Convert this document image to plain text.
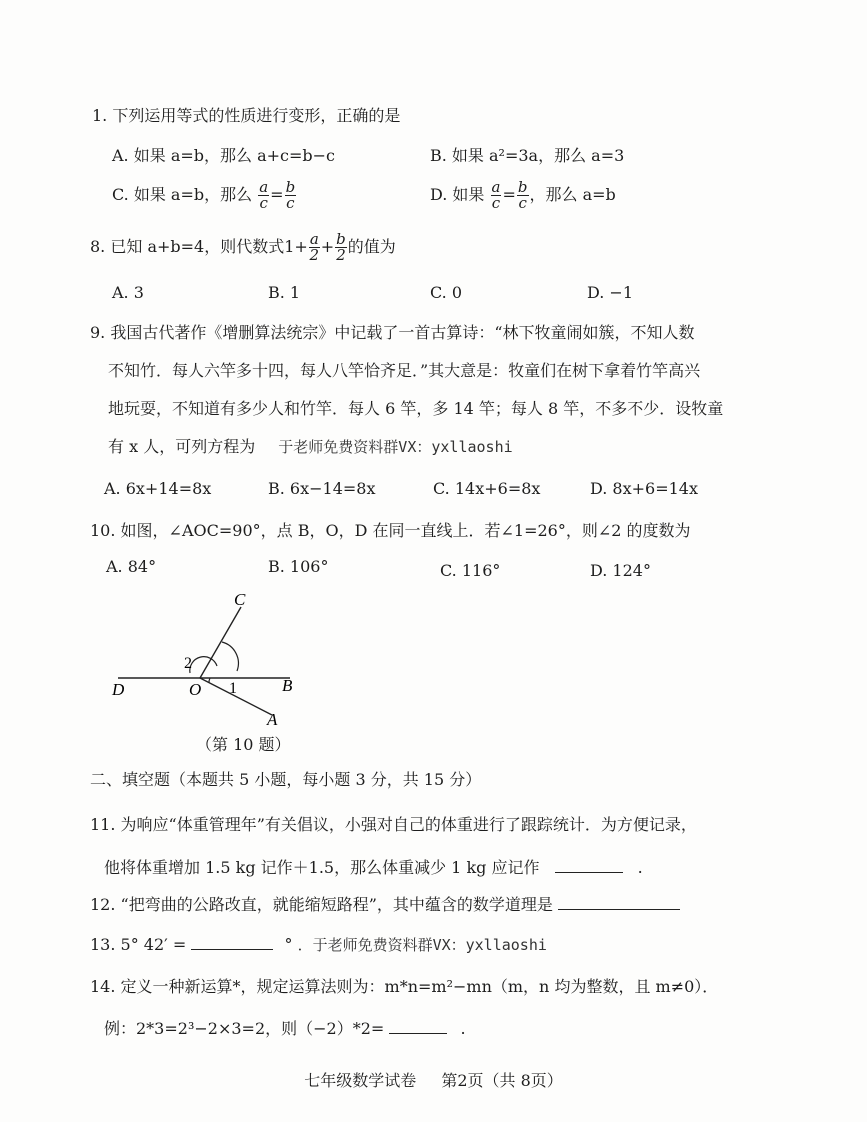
1. 下列运用等式的性质进行变形，正确的是
A. 如果 a=b，那么 a+c=b−c	B. 如果 a²=3a，那么 a=3
C. 如果 a=b，那么 $\frac{a}{c} = \frac{b}{c}$	D. 如果 $\frac{a}{c} = \frac{b}{c}$ ，那么 a=b
8. 已知 a+b=4，则代数式$1+ \frac{a}{2} + \frac{b}{2}$ 的值为
A. 3	B. 1	C. 0	D. −1
9. 我国古代著作《增删算法统宗》中记载了一首古算诗：“林下牧童闹如簇，不知人数
不知竹．每人六竿多十四，每人八竿恰齐足．”其大意是：牧童们在树下拿着竹竿高兴
地玩耍，不知道有多少人和竹竿．每人 6 竿，多 14 竿；每人 8 竿，不多不少．设牧童
有 x 人，可列方程为 于老师免费资料群VX：yxllaoshi
A. 6x+14=8x	B. 6x−14=8x	C. 14x+6=8x	D. 8x+6=14x
10. 如图，∠AOC=90°，点 B，O，D 在同一直线上．若∠1=26°，则∠2 的度数为
A. 84°	B. 106°	C. 116°	D. 124°
C
D	O	B
A
1
2
（第 10 题）
二、填空题（本题共 5 小题，每小题 3 分，共 15 分）
11. 为响应“体重管理年”有关倡议，小强对自己的体重进行了跟踪统计．为方便记录，
他将体重增加 1.5 kg 记作＋1.5，那么体重减少 1 kg 应记作	.
12. “把弯曲的公路改直，就能缩短路程”，其中蕴含的数学道理是
13. 5° 42′ =	° ．于老师免费资料群VX：yxllaoshi
14. 定义一种新运算*，规定运算法则为：m*n=m²−mn（m，n 均为整数，且 m≠0）．
例：2*3=2³−2×3=2，则（−2）*2=	.
七年级数学试卷 第2页（共 8页）
